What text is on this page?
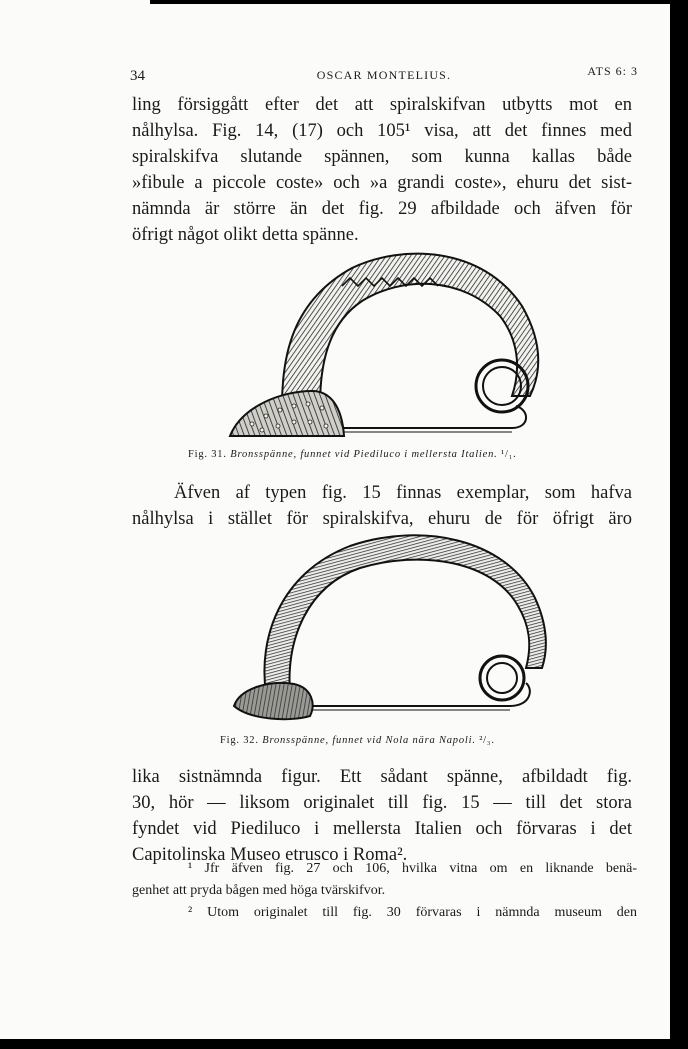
34	OSCAR MONTELIUS.	ATS 6: 3
ling försiggått efter det att spiralskifvan utbytts mot en
nålhylsa. Fig. 14, (17) och 105¹ visa, att det finnes med
spiralskifva slutande spännen, som kunna kallas både
»fibule a piccole coste» och »a grandi coste», ehuru det sist-
nämnda är större än det fig. 29 afbildade och äfven för
öfrigt något olikt detta spänne.
Fig. 31. Bronsspänne, funnet vid Piediluco i mellersta Italien. ¹/₁.
Äfven af typen fig. 15 finnas exemplar, som hafva
nålhylsa i stället för spiralskifva, ehuru de för öfrigt äro
Fig. 32. Bronsspänne, funnet vid Nola nära Napoli. ²/₃.
lika sistnämnda figur. Ett sådant spänne, afbildadt fig.
30, hör — liksom originalet till fig. 15 — till det stora
fyndet vid Piediluco i mellersta Italien och förvaras i det
Capitolinska Museo etrusco i Roma².
¹ Jfr äfven fig. 27 och 106, hvilka vitna om en liknande benä-
genhet att pryda bågen med höga tvärskifvor.
² Utom originalet till fig. 30 förvaras i nämnda museum den
